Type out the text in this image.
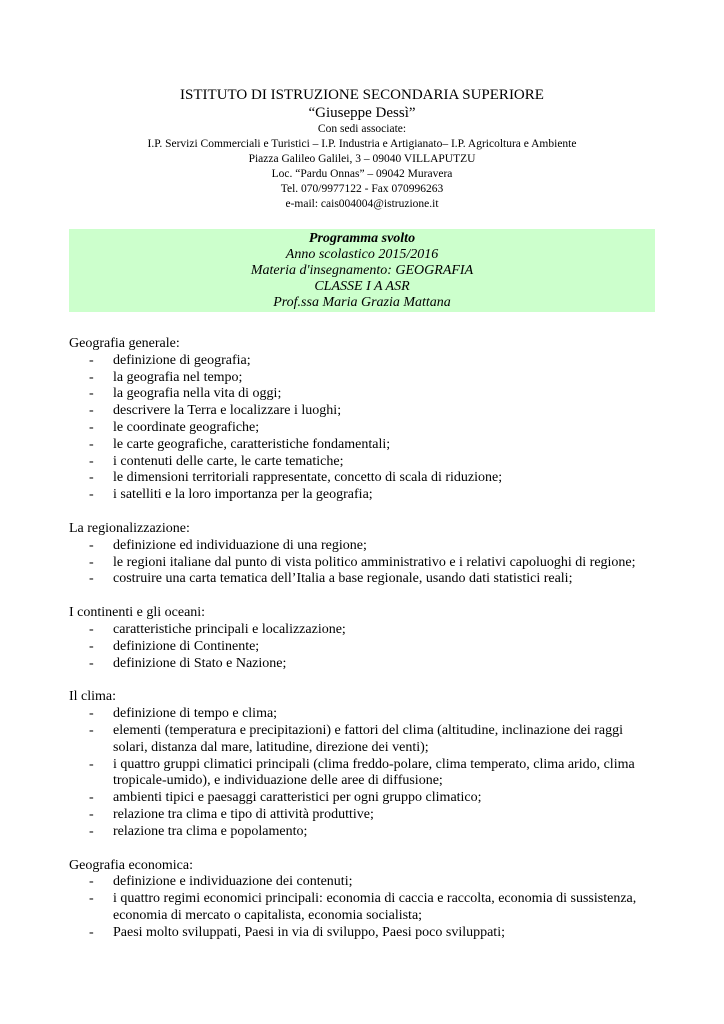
ISTITUTO DI ISTRUZIONE SECONDARIA SUPERIORE
“Giuseppe Dessì”
Con sedi associate:
I.P. Servizi Commerciali e Turistici – I.P. Industria e Artigianato– I.P. Agricoltura e Ambiente
Piazza Galileo Galilei, 3 – 09040 VILLAPUTZU
Loc. “Pardu Onnas” – 09042 Muravera
Tel. 070/9977122 - Fax 070996263
e-mail: cais004004@istruzione.it
Programma svolto
Anno scolastico 2015/2016
Materia d'insegnamento: GEOGRAFIA
CLASSE I A ASR
Prof.ssa Maria Grazia Mattana
Geografia generale:
- definizione di geografia;
- la geografia nel tempo;
- la geografia nella vita di oggi;
- descrivere la Terra e localizzare i luoghi;
- le coordinate geografiche;
- le carte geografiche, caratteristiche fondamentali;
- i contenuti delle carte, le carte tematiche;
- le dimensioni territoriali rappresentate, concetto di scala di riduzione;
- i satelliti e la loro importanza per la geografia;
La regionalizzazione:
- definizione ed individuazione di una regione;
- le regioni italiane dal punto di vista politico amministrativo e i relativi capoluoghi di regione;
- costruire una carta tematica dell’Italia a base regionale, usando dati statistici reali;
I continenti e gli oceani:
- caratteristiche principali e localizzazione;
- definizione di Continente;
- definizione di Stato e Nazione;
Il clima:
- definizione di tempo e clima;
- elementi (temperatura e precipitazioni) e fattori del clima (altitudine, inclinazione dei raggi solari, distanza dal mare, latitudine, direzione dei venti);
- i quattro gruppi climatici principali (clima freddo-polare, clima temperato, clima arido, clima tropicale-umido), e individuazione delle aree di diffusione;
- ambienti tipici e paesaggi caratteristici per ogni gruppo climatico;
- relazione tra clima e tipo di attività produttive;
- relazione tra clima e popolamento;
Geografia economica:
- definizione e individuazione dei contenuti;
- i quattro regimi economici principali: economia di caccia e raccolta, economia di sussistenza, economia di mercato o capitalista, economia socialista;
- Paesi molto sviluppati, Paesi in via di sviluppo, Paesi poco sviluppati;
